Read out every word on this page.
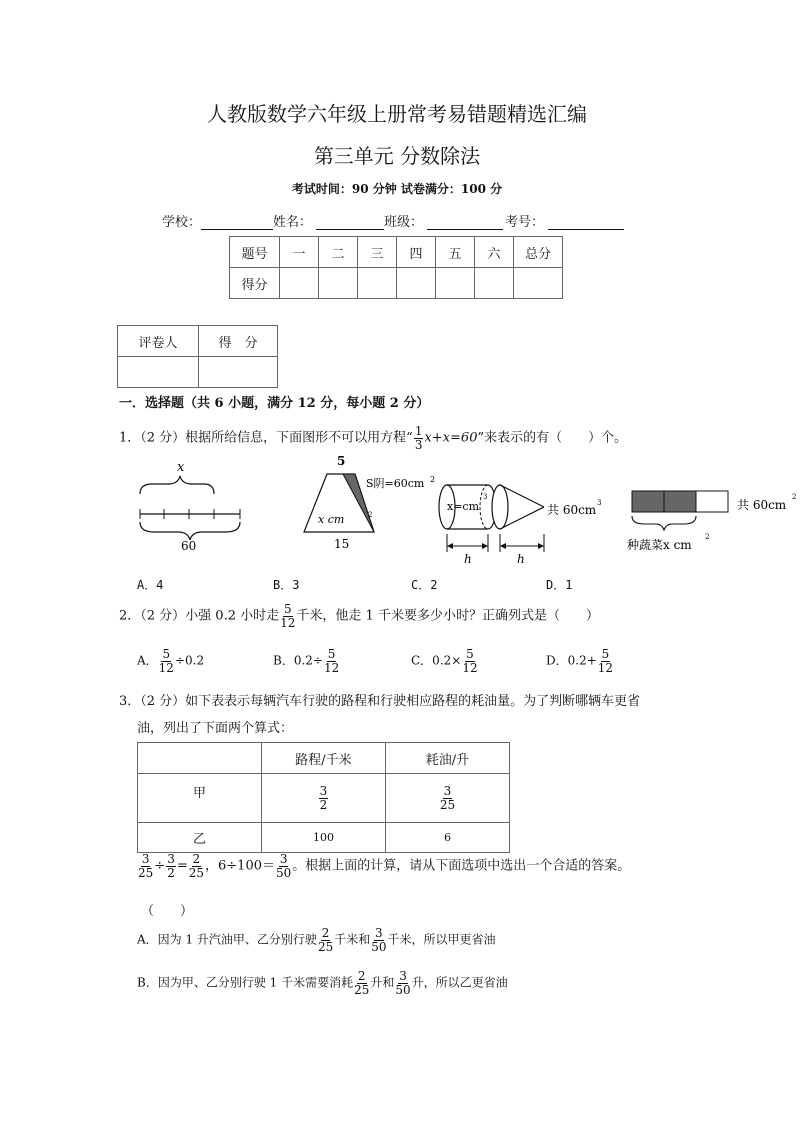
人教版数学六年级上册常考易错题精选汇编
第三单元 分数除法
考试时间：90 分钟 试卷满分：100 分
学校：	姓名：	班级：	考号：
题号	一	二	三	四	五	六	总分
得分							
评卷人	得　分

一．选择题（共 6 小题，满分 12 分，每小题 2 分）
1．（2 分）根据所给信息，下面图形不可以用方程“ $\frac{1}{3} x+x=60$”来表示的有（　　）个。
x
60
5
S阴=60cm 2
x cm	2
15
x=cm
3
共 60cm 3
h	h
共 60cm
2
种蔬菜x cm
2
A．4	B．3	C．2	D．1
2．（2 分）小强 0.2 小时走 $\frac{5}{12}$ 千米，他走 1 千米要多少小时？正确列式是（　　）
A． $\frac{5}{12} \div 0.2$	B．$0.2\div \frac{5}{12}$	C．$0.2\times \frac{5}{12}$	D．$0.2+ \frac{5}{12}$
3．（2 分）如下表表示每辆汽车行驶的路程和行驶相应路程的耗油量。为了判断哪辆车更省
油，列出了下面两个算式：
	路程/千米	耗油/升
甲	$\frac{3}{2}$	$\frac{3}{25}$

乙	100	6
$\frac{3}{25} \div \frac{3}{2} = \frac{2}{25}$ ，$6\div 100= \frac{3}{50}$ 。根据上面的计算，请从下面选项中选出一个合适的答案。
（　　）
A．因为 1 升汽油甲、乙分别行驶 $\frac{2}{25}$ 千米和 $\frac{3}{50}$ 千米，所以甲更省油
B．因为甲、乙分别行驶 1 千米需要消耗 $\frac{2}{25}$ 升和 $\frac{3}{50}$ 升，所以乙更省油
